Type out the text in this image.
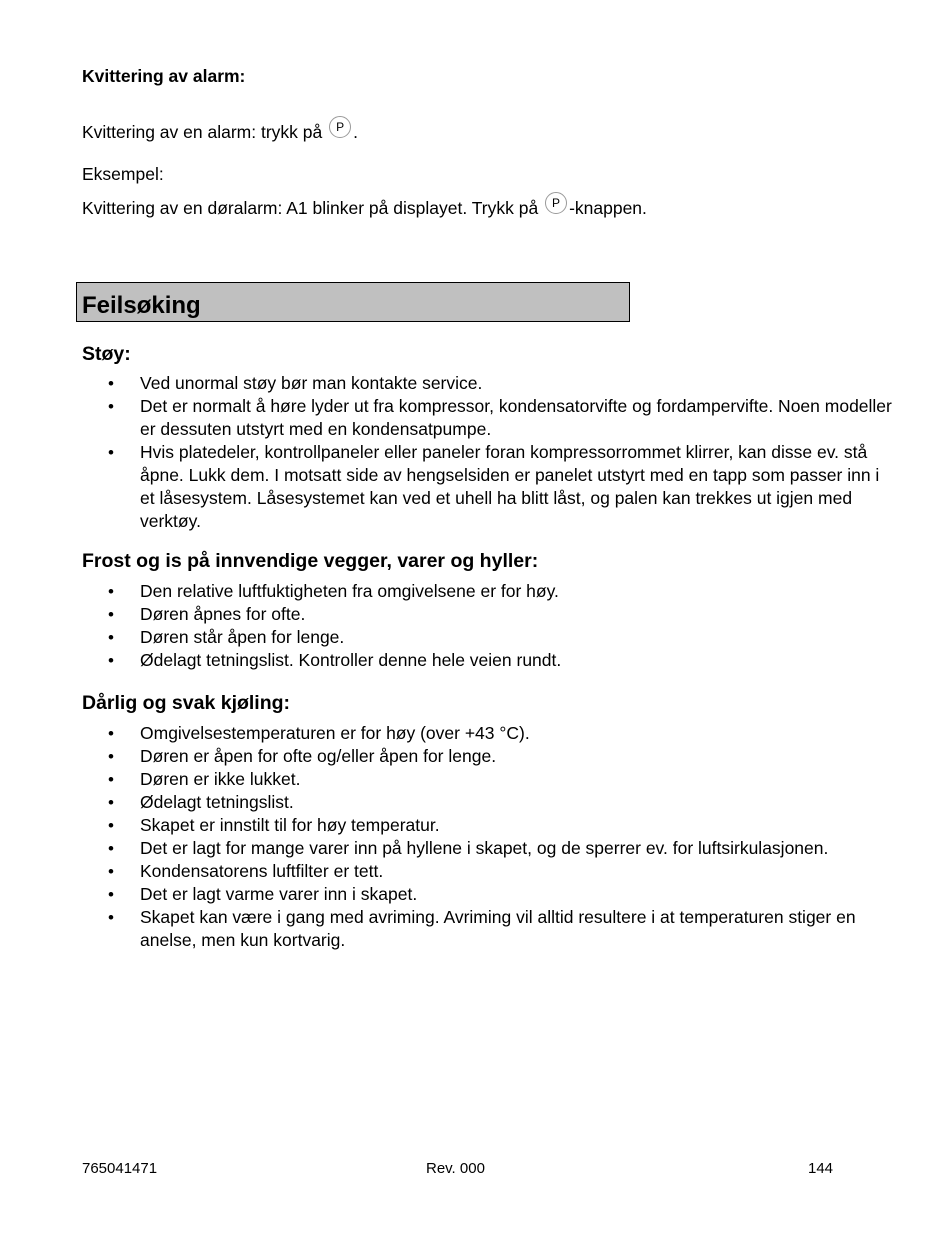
Kvittering av alarm:
Kvittering av en alarm: trykk på P .
Eksempel:
Kvittering av en døralarm: A1 blinker på displayet. Trykk på P -knappen.
Feilsøking
Støy:
• Ved unormal støy bør man kontakte service.
• Det er normalt å høre lyder ut fra kompressor, kondensatorvifte og fordampervifte. Noen modeller er dessuten utstyrt med en kondensatpumpe.
• Hvis platedeler, kontrollpaneler eller paneler foran kompressorrommet klirrer, kan disse ev. stå åpne. Lukk dem. I motsatt side av hengselsiden er panelet utstyrt med en tapp som passer inn i et låsesystem. Låsesystemet kan ved et uhell ha blitt låst, og palen kan trekkes ut igjen med verktøy.
Frost og is på innvendige vegger, varer og hyller:
• Den relative luftfuktigheten fra omgivelsene er for høy.
• Døren åpnes for ofte.
• Døren står åpen for lenge.
• Ødelagt tetningslist. Kontroller denne hele veien rundt.
Dårlig og svak kjøling:
• Omgivelsestemperaturen er for høy (over +43 °C).
• Døren er åpen for ofte og/eller åpen for lenge.
• Døren er ikke lukket.
• Ødelagt tetningslist.
• Skapet er innstilt til for høy temperatur.
• Det er lagt for mange varer inn på hyllene i skapet, og de sperrer ev. for luftsirkulasjonen.
• Kondensatorens luftfilter er tett.
• Det er lagt varme varer inn i skapet.
• Skapet kan være i gang med avriming. Avriming vil alltid resultere i at temperaturen stiger en anelse, men kun kortvarig.
765041471	Rev. 000	144
